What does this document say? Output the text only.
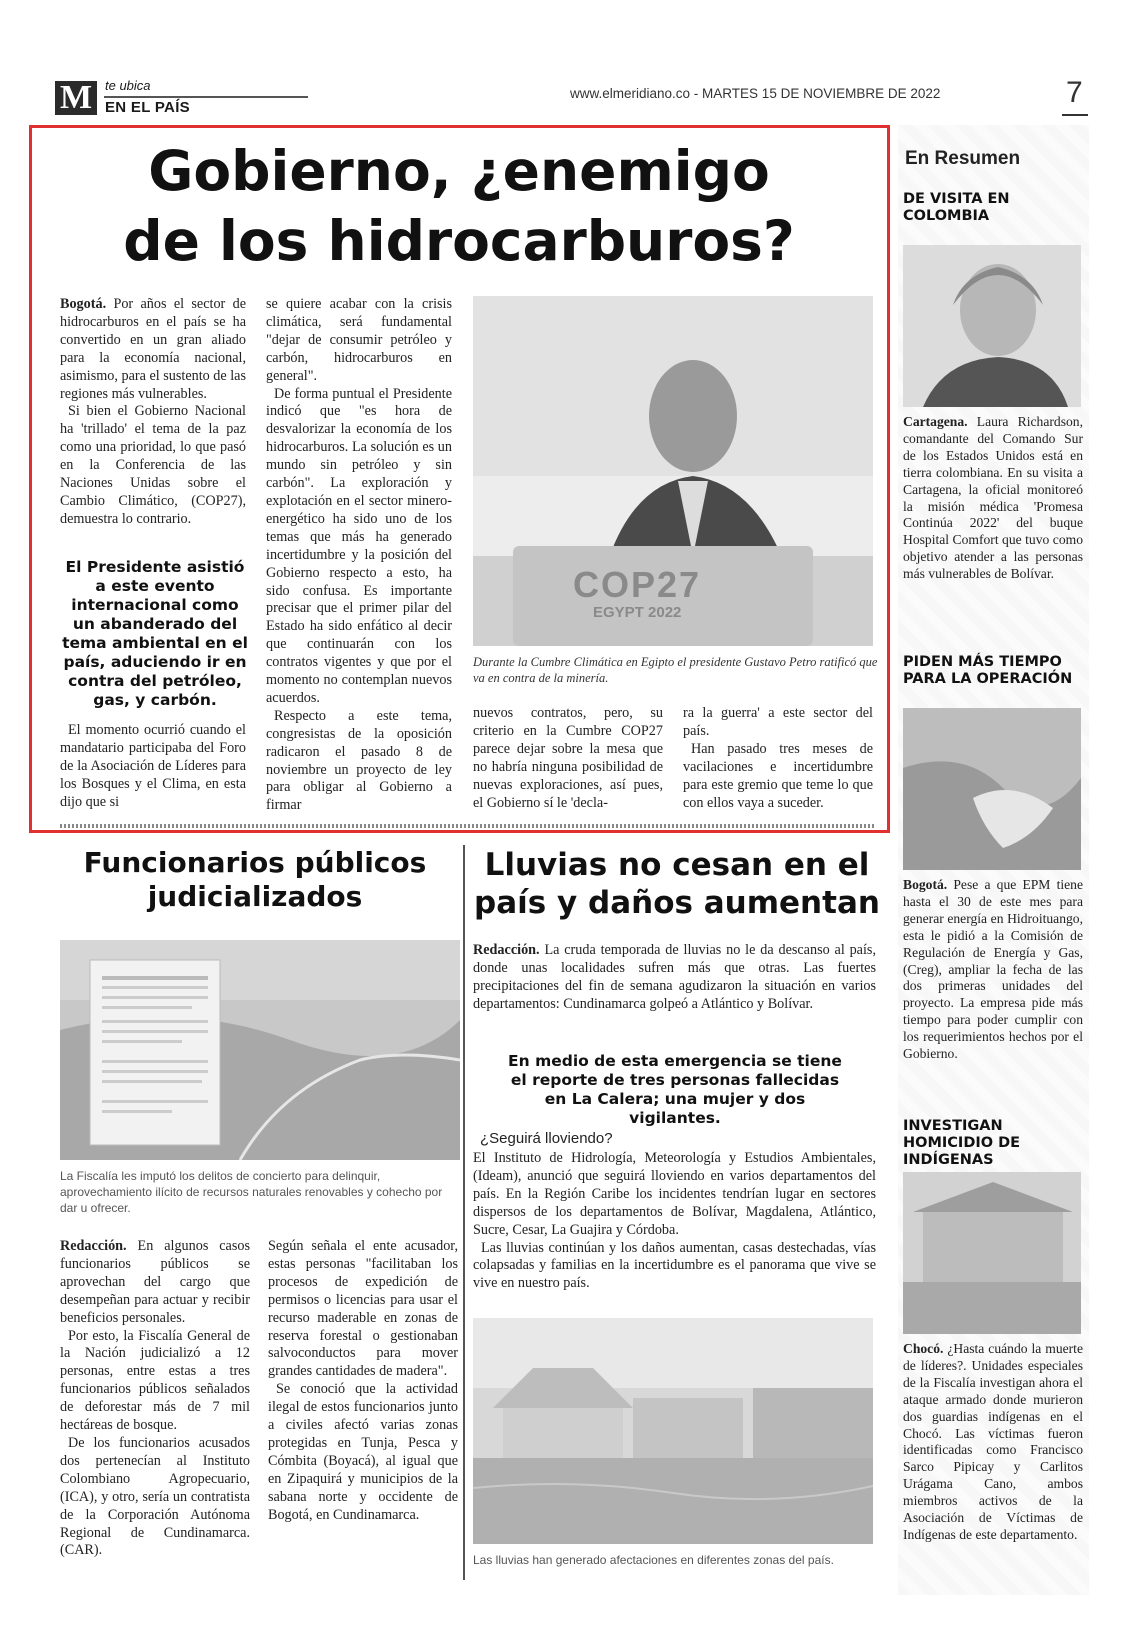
M te ubica
EN EL PAÍS
www.elmeridiano.co - MARTES 15 DE NOVIEMBRE DE 2022	7
Gobierno, ¿enemigo
de los hidrocarburos?

Bogotá. Por años el sector de hidrocarburos en el país se ha convertido en un gran aliado para la economía nacional, asimismo, para el sustento de las regiones más vulnerables.

Si bien el Gobierno Nacional ha 'trillado' el tema de la paz como una prioridad, lo que pasó en la Conferencia de las Naciones Unidas sobre el Cambio Climático, (COP27), demuestra lo contrario.

El Presidente asistió a este evento internacional como un abanderado del tema ambiental en el país, aduciendo ir en contra del petróleo, gas, y carbón.

El momento ocurrió cuando el mandatario participaba del Foro de la Asociación de Líderes para los Bosques y el Clima, en esta dijo que si

se quiere acabar con la crisis climática, será fundamental "dejar de consumir petróleo y carbón, hidrocarburos en general".

De forma puntual el Presidente indicó que "es hora de desvalorizar la economía de los hidrocarburos. La solución es un mundo sin petróleo y sin carbón". La exploración y explotación en el sector minero-energético ha sido uno de los temas que más ha generado incertidumbre y la posición del Gobierno respecto a esto, ha sido confusa. Es importante precisar que el primer pilar del Estado ha sido enfático al decir que continuarán con los contratos vigentes y que por el momento no contemplan nuevos acuerdos.

Respecto a este tema, congresistas de la oposición radicaron el pasado 8 de noviembre un proyecto de ley para obligar al Gobierno a firmar

COP27
EGYPT 2022
Durante la Cumbre Climática en Egipto el presidente Gustavo Petro ratificó que va en contra de la minería.

nuevos contratos, pero, su criterio en la Cumbre COP27 parece dejar sobre la mesa que no habría ninguna posibilidad de nuevas exploraciones, así pues, el Gobierno sí le 'decla-

ra la guerra' a este sector del país.

Han pasado tres meses de vacilaciones e incertidumbre para este gremio que teme lo que con ellos vaya a suceder.

Funcionarios públicos
judicializados
La Fiscalía les imputó los delitos de concierto para delinquir, aprovechamiento ilícito de recursos naturales renovables y cohecho por dar u ofrecer.

Redacción. En algunos casos funcionarios públicos se aprovechan del cargo que desempeñan para actuar y recibir beneficios personales.

Por esto, la Fiscalía General de la Nación judicializó a 12 personas, entre estas a tres funcionarios públicos señalados de deforestar más de 7 mil hectáreas de bosque.

De los funcionarios acusados dos pertenecían al Instituto Colombiano Agropecuario, (ICA), y otro, sería un contratista de la Corporación Autónoma Regional de Cundinamarca. (CAR).

Según señala el ente acusador, estas personas "facilitaban los procesos de expedición de permisos o licencias para usar el recurso maderable en zonas de reserva forestal o gestionaban salvoconductos para mover grandes cantidades de madera".

Se conoció que la actividad ilegal de estos funcionarios junto a civiles afectó varias zonas protegidas en Tunja, Pesca y Cómbita (Boyacá), al igual que en Zipaquirá y municipios de la sabana norte y occidente de Bogotá, en Cundinamarca.

Lluvias no cesan en el
país y daños aumentan

Redacción. La cruda temporada de lluvias no le da descanso al país, donde unas localidades sufren más que otras. Las fuertes precipitaciones del fin de semana agudizaron la situación en varios departamentos: Cundinamarca golpeó a Atlántico y Bolívar.

En medio de esta emergencia se tiene el reporte de tres personas fallecidas en La Calera; una mujer y dos vigilantes.
¿Seguirá lloviendo?

El Instituto de Hidrología, Meteorología y Estudios Ambientales, (Ideam), anunció que seguirá lloviendo en varios departamentos del país. En la Región Caribe los incidentes tendrían lugar en sectores dispersos de los departamentos de Bolívar, Magdalena, Atlántico, Sucre, Cesar, La Guajira y Córdoba.

Las lluvias continúan y los daños aumentan, casas destechadas, vías colapsadas y familias en la incertidumbre es el panorama que vive se vive en nuestro país.

Las lluvias han generado afectaciones en diferentes zonas del país.
En Resumen
DE VISITA EN COLOMBIA
Cartagena. Laura Richardson, comandante del Comando Sur de los Estados Unidos está en tierra colombiana. En su visita a Cartagena, la oficial monitoreó la misión médica 'Promesa Continúa 2022' del buque Hospital Comfort que tuvo como objetivo atender a las personas más vulnerables de Bolívar.
PIDEN MÁS TIEMPO PARA LA OPERACIÓN
Bogotá. Pese a que EPM tiene hasta el 30 de este mes para generar energía en Hidroituango, esta le pidió a la Comisión de Regulación de Energía y Gas, (Creg), ampliar la fecha de las dos primeras unidades del proyecto. La empresa pide más tiempo para poder cumplir con los requerimientos hechos por el Gobierno.
INVESTIGAN HOMICIDIO DE INDÍGENAS
Chocó. ¿Hasta cuándo la muerte de líderes?. Unidades especiales de la Fiscalía investigan ahora el ataque armado donde murieron dos guardias indígenas en el Chocó. Las víctimas fueron identificadas como Francisco Sarco Pipicay y Carlitos Urágama Cano, ambos miembros activos de la Asociación de Víctimas de Indígenas de este departamento.
